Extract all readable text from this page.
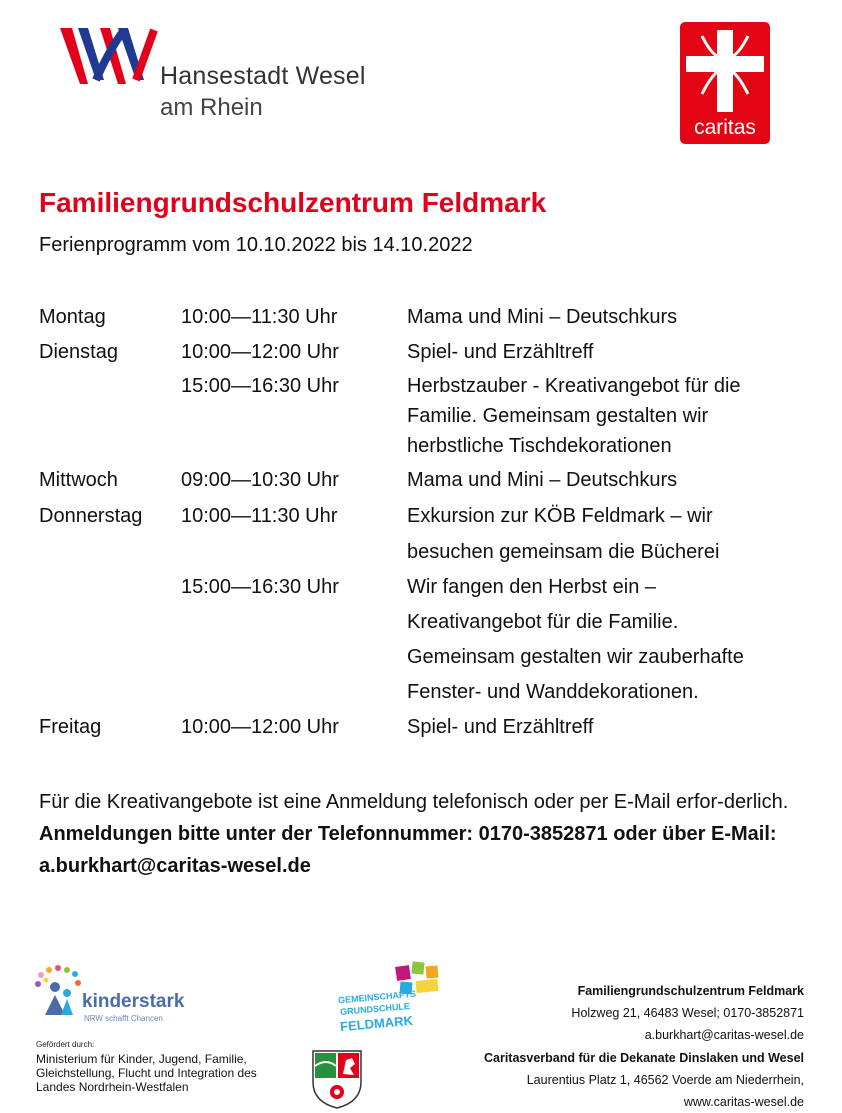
Hansestadt Wesel
am Rhein
caritas
Familiengrundschulzentrum Feldmark
Ferienprogramm vom 10.10.2022 bis 14.10.2022
Montag
Dienstag
Mittwoch
Donnerstag
Freitag
10:00—11:30 Uhr
10:00—12:00 Uhr
15:00—16:30 Uhr
09:00—10:30 Uhr
10:00—11:30 Uhr
15:00—16:30 Uhr
10:00—12:00 Uhr
Mama und Mini – Deutschkurs
Spiel- und Erzähltreff
Herbstzauber - Kreativangebot für die
Familie. Gemeinsam gestalten wir
herbstliche Tischdekorationen
Mama und Mini – Deutschkurs
Exkursion zur KÖB Feldmark – wir
besuchen gemeinsam die Bücherei
Wir fangen den Herbst ein –
Kreativangebot für die Familie.
Gemeinsam gestalten wir zauberhafte
Fenster- und Wanddekorationen.
Spiel- und Erzähltreff
Für die Kreativangebote ist eine Anmeldung telefonisch oder per E-Mail erfor-derlich. Anmeldungen bitte unter der Telefonnummer: 0170-3852871 oder über E-Mail: a.burkhart@caritas-wesel.de
kinderstark
NRW schafft Chancen
Gefördert durch:
Ministerium für Kinder, Jugend, Familie, Gleichstellung, Flucht und Integration des Landes Nordrhein-Westfalen
GEMEINSCHAFTS
GRUNDSCHULE
FELDMARK
Familiengrundschulzentrum Feldmark
Holzweg 21, 46483 Wesel; 0170-3852871
a.burkhart@caritas-wesel.de
Caritasverband für die Dekanate Dinslaken und Wesel
Laurentius Platz 1, 46562 Voerde am Niederrhein,
www.caritas-wesel.de
